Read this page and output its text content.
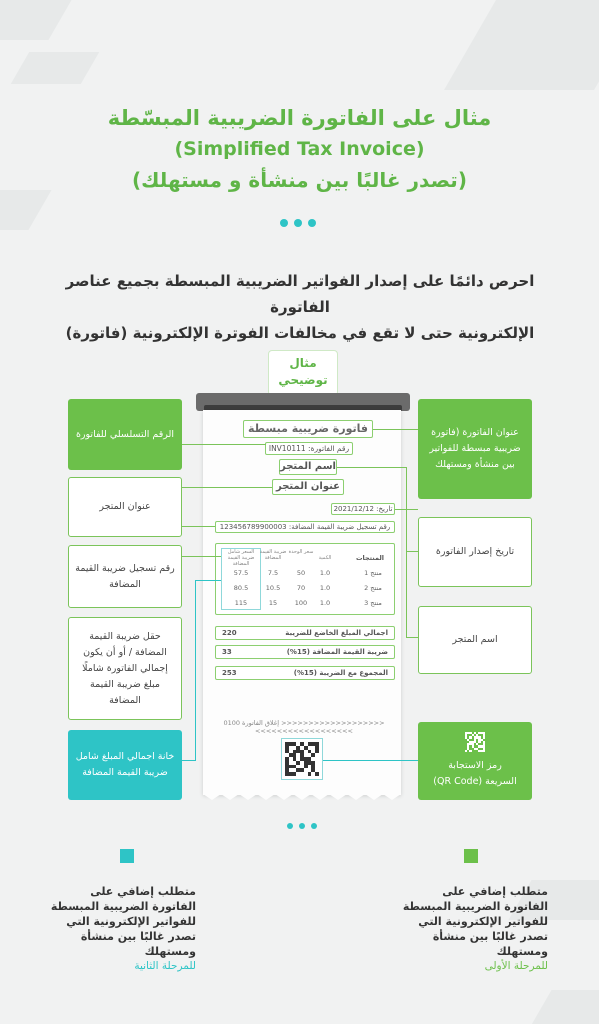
مثال على الفاتورة الضريبية المبسّطة
(Simplified Tax Invoice)
(تصدر غالبًا بين منشأة و مستهلك)
احرص دائمًا على إصدار الفواتير الضريبية المبسطة بجميع عناصر الفاتورة
الإلكترونية حتى لا تقع في مخالفات الفوترة الإلكترونية (فاتورة)
مثال
توضيحي
فاتورة ضريبية مبسطة
رقم الفاتورة: INV10111
اسم المتجر
عنوان المتجر
تاريخ: 2021/12/12
رقم تسجيل ضريبة القيمة المضافة: 123456789900003
المنتجات
الكمية
سعر الوحدة
ضريبة القيمة المضافة
السعر شامل ضريبة القيمة المضافة
منتج 1
1.0
50
7.5
57.5
منتج 2
1.0
70
10.5
80.5
منتج 3
1.0
100
15
115
اجمالي المبلغ الخاضع للضريبة
220
ضريبة القيمة المضافة (15%)
33
المجموع مع الضريبة (15%)
253
<<<<<<<<<<<<<<<<<<< إغلاق الفاتورة 0100 >>>>>>>>>>>>>>>>>>
الرقم التسلسلي للفاتورة
عنوان المتجر
رقم تسجيل ضريبة القيمة المضافة
حقل ضريبة القيمة المضافة / أو أن يكون إجمالي الفاتورة شاملًا مبلغ ضريبة القيمة المضافة
خانة اجمالي المبلغ شامل ضريبة القيمة المضافة
عنوان الفاتورة (فاتورة ضريبية مبسطة للفواتير بين منشأة ومستهلك
تاريخ إصدار الفاتورة
اسم المتجر
رمز الاستجابة
السريعة (QR Code)
متطلب إضافي على الفاتورة الضريبية المبسطة للفواتير الإلكترونية التي تصدر غالبًا بين منشأة ومستهلك
للمرحلة الثانية
متطلب إضافي على الفاتورة الضريبية المبسطة للفواتير الإلكترونية التي تصدر غالبًا بين منشأة ومستهلك
للمرحلة الأولى
